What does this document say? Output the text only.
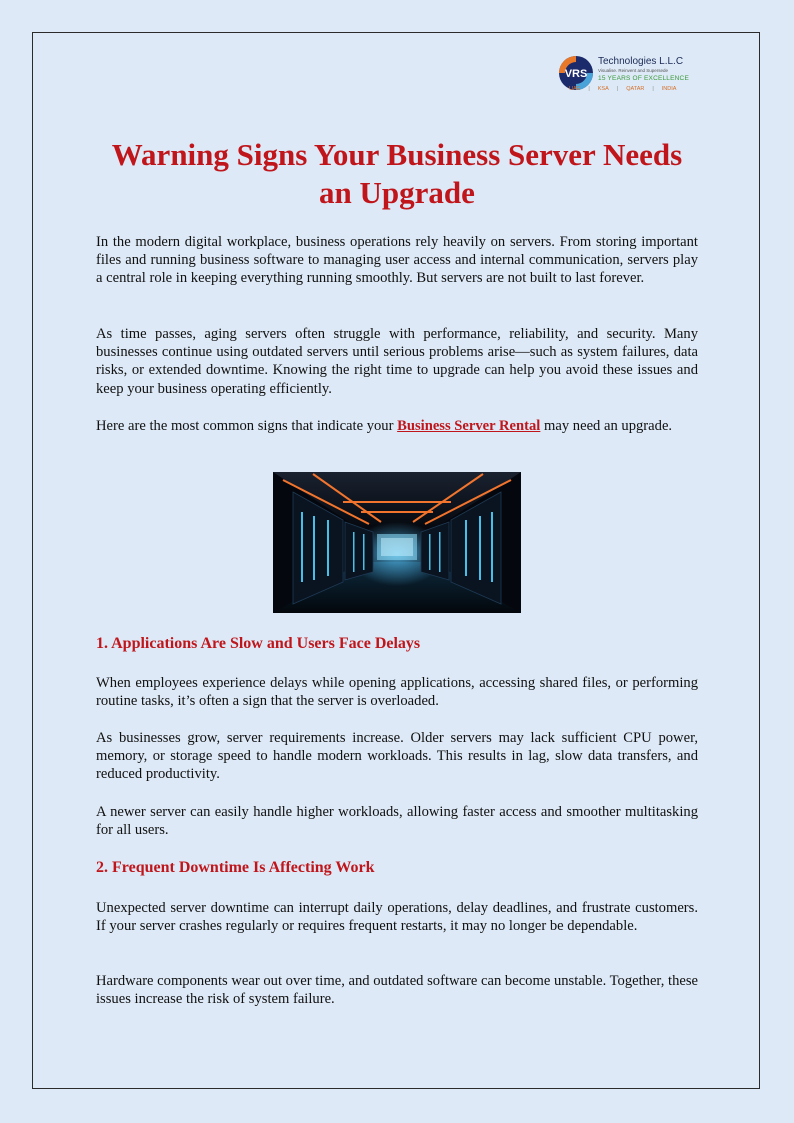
VRS
Technologies L.L.C
Visualise. Reinvent and Supersede
15 YEARS OF EXCELLENCE
UAE | KSA | QATAR | INDIA
Warning Signs Your Business Server Needs an Upgrade

In the modern digital workplace, business operations rely heavily on servers. From storing important files and running business software to managing user access and internal communication, servers play a central role in keeping everything running smoothly. But servers are not built to last forever.

As time passes, aging servers often struggle with performance, reliability, and security. Many businesses continue using outdated servers until serious problems arise—such as system failures, data risks, or extended downtime. Knowing the right time to upgrade can help you avoid these issues and keep your business operating efficiently.

Here are the most common signs that indicate your Business Server Rental may need an upgrade.

1. Applications Are Slow and Users Face Delays

When employees experience delays while opening applications, accessing shared files, or performing routine tasks, it’s often a sign that the server is overloaded.

As businesses grow, server requirements increase. Older servers may lack sufficient CPU power, memory, or storage speed to handle modern workloads. This results in lag, slow data transfers, and reduced productivity.

A newer server can easily handle higher workloads, allowing faster access and smoother multitasking for all users.

2. Frequent Downtime Is Affecting Work

Unexpected server downtime can interrupt daily operations, delay deadlines, and frustrate customers. If your server crashes regularly or requires frequent restarts, it may no longer be dependable.

Hardware components wear out over time, and outdated software can become unstable. Together, these issues increase the risk of system failure.
